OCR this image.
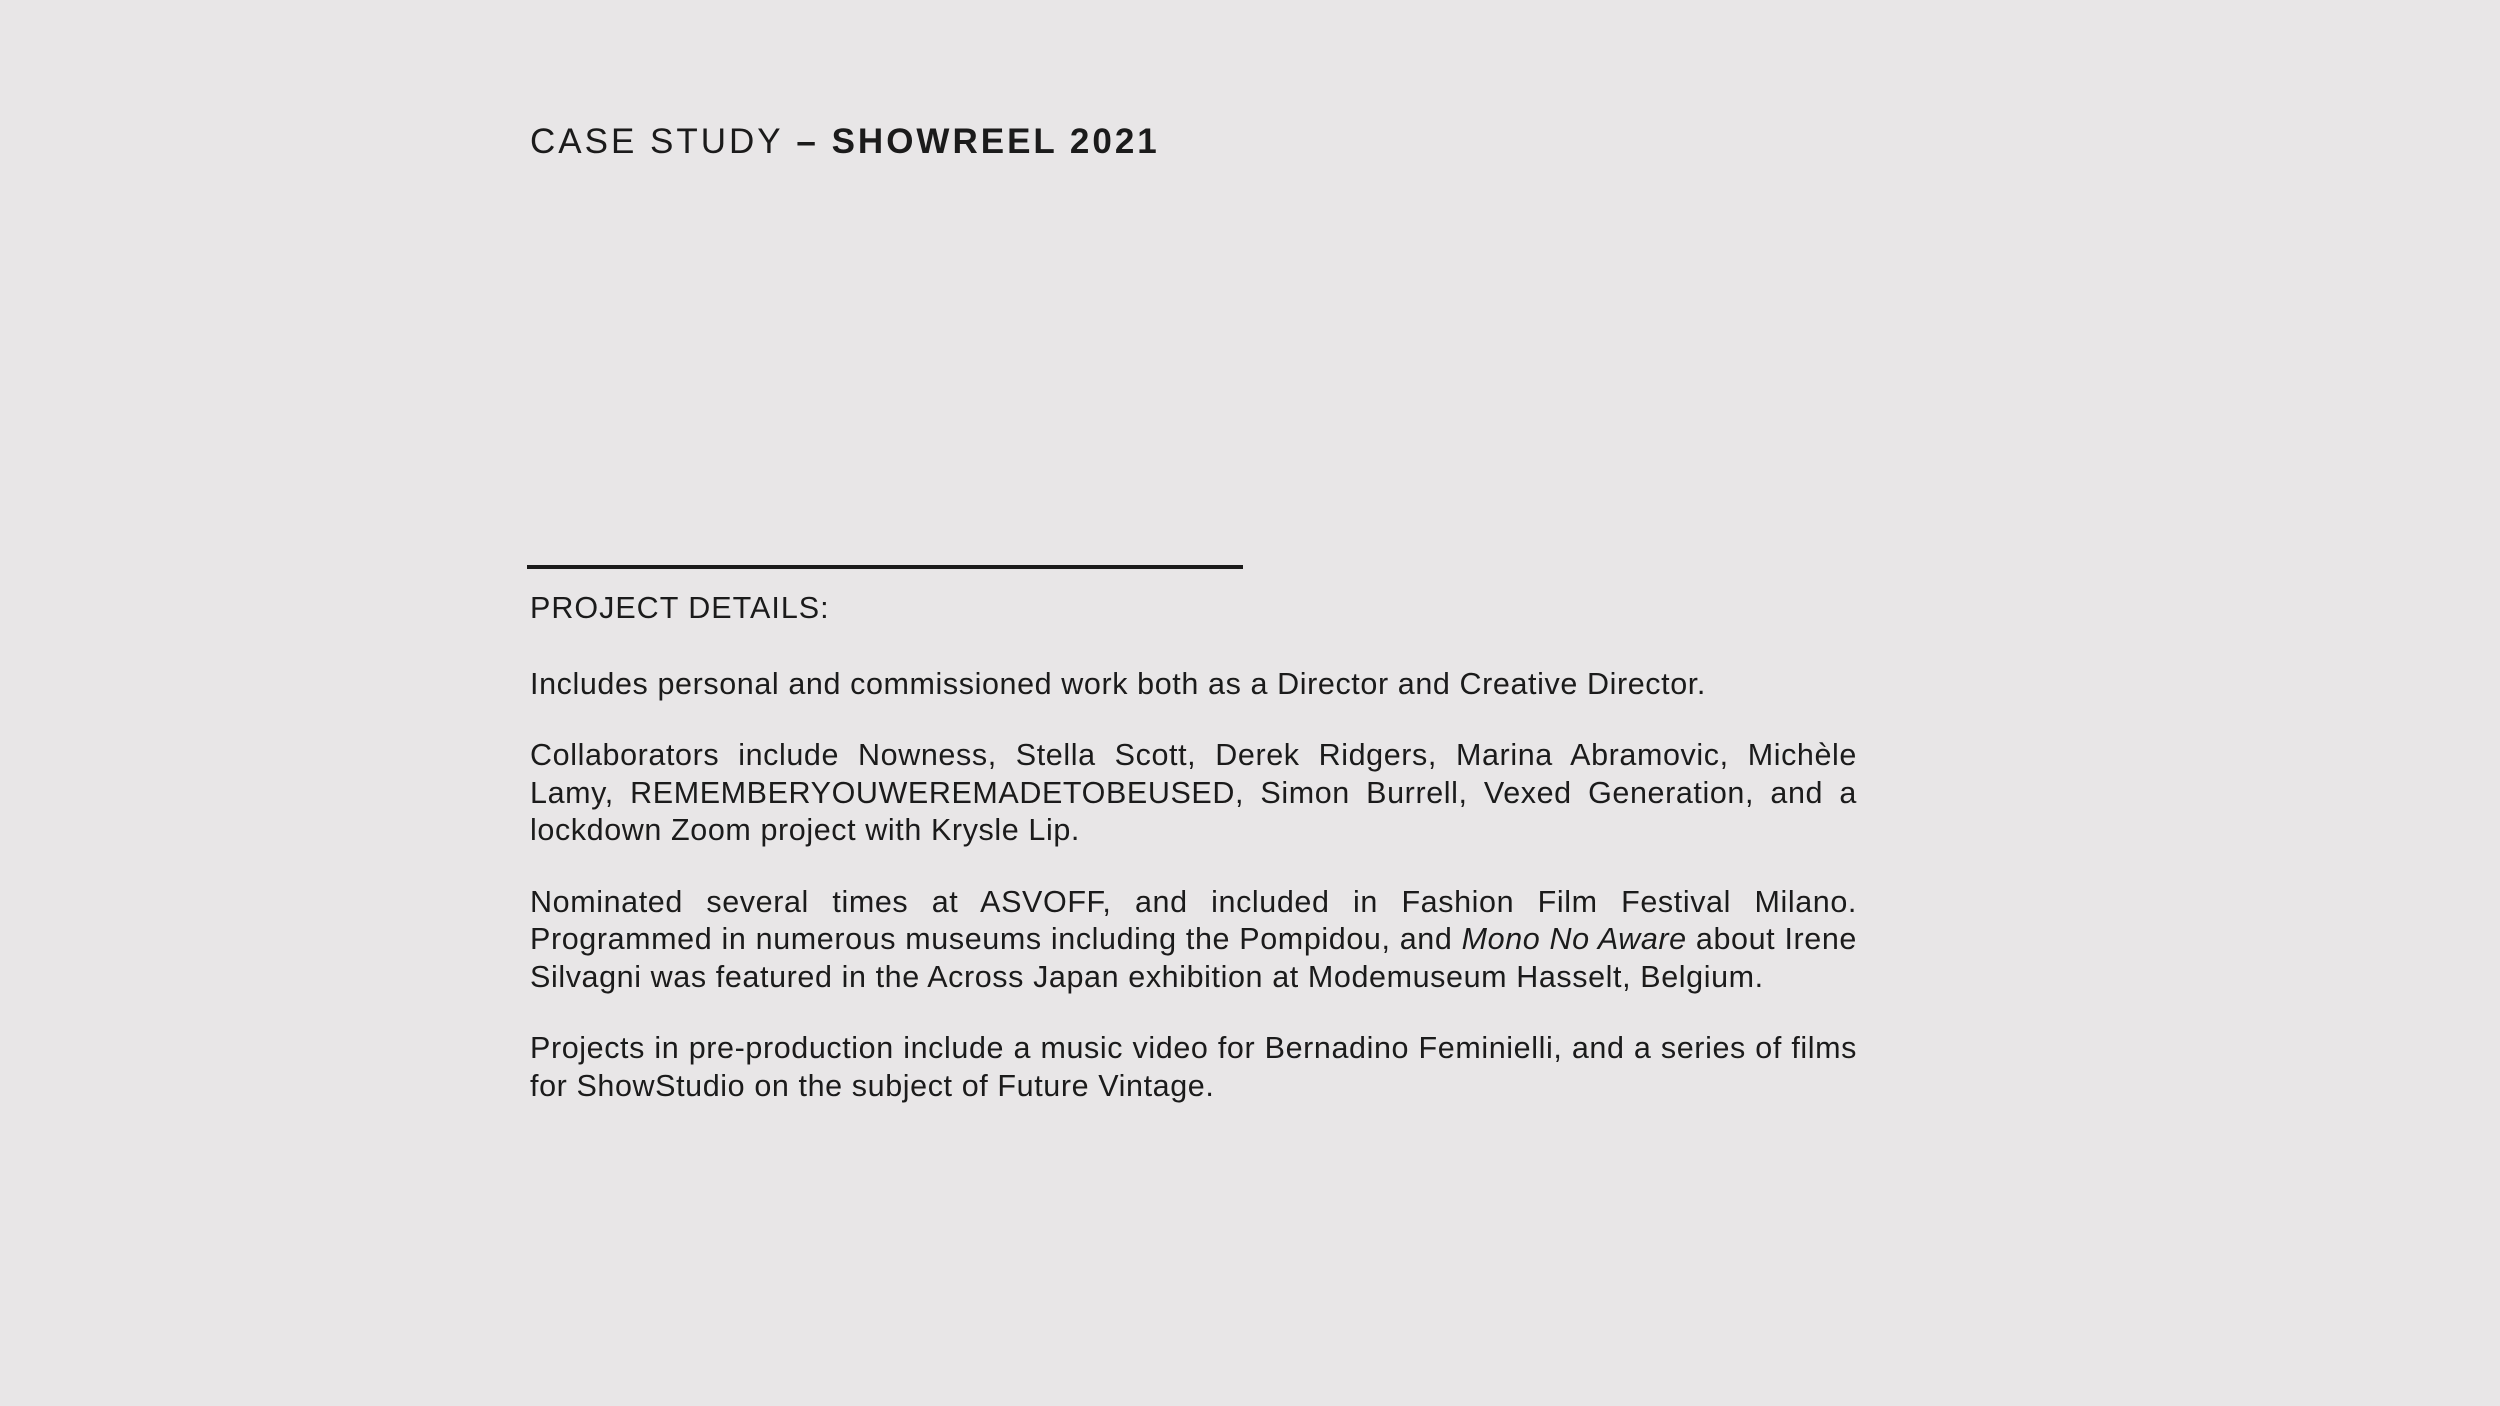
CASE STUDY – SHOWREEL 2021
PROJECT DETAILS:

Includes personal and commissioned work both as a Director and Creative Director.

Collaborators include Nowness, Stella Scott, Derek Ridgers, Marina Abramovic, Michèle Lamy, REMEMBERYOUWEREMADETOBEUSED, Simon Burrell, Vexed Generation, and a lockdown Zoom project with Krysle Lip.

Nominated several times at ASVOFF, and included in Fashion Film Festival Milano. Programmed in numerous museums including the Pompidou, and Mono No Aware about Irene Silvagni was featured in the Across Japan exhibition at Modemuseum Hasselt, Belgium.

Projects in pre-production include a music video for Bernadino Feminielli, and a series of films for ShowStudio on the subject of Future Vintage.
